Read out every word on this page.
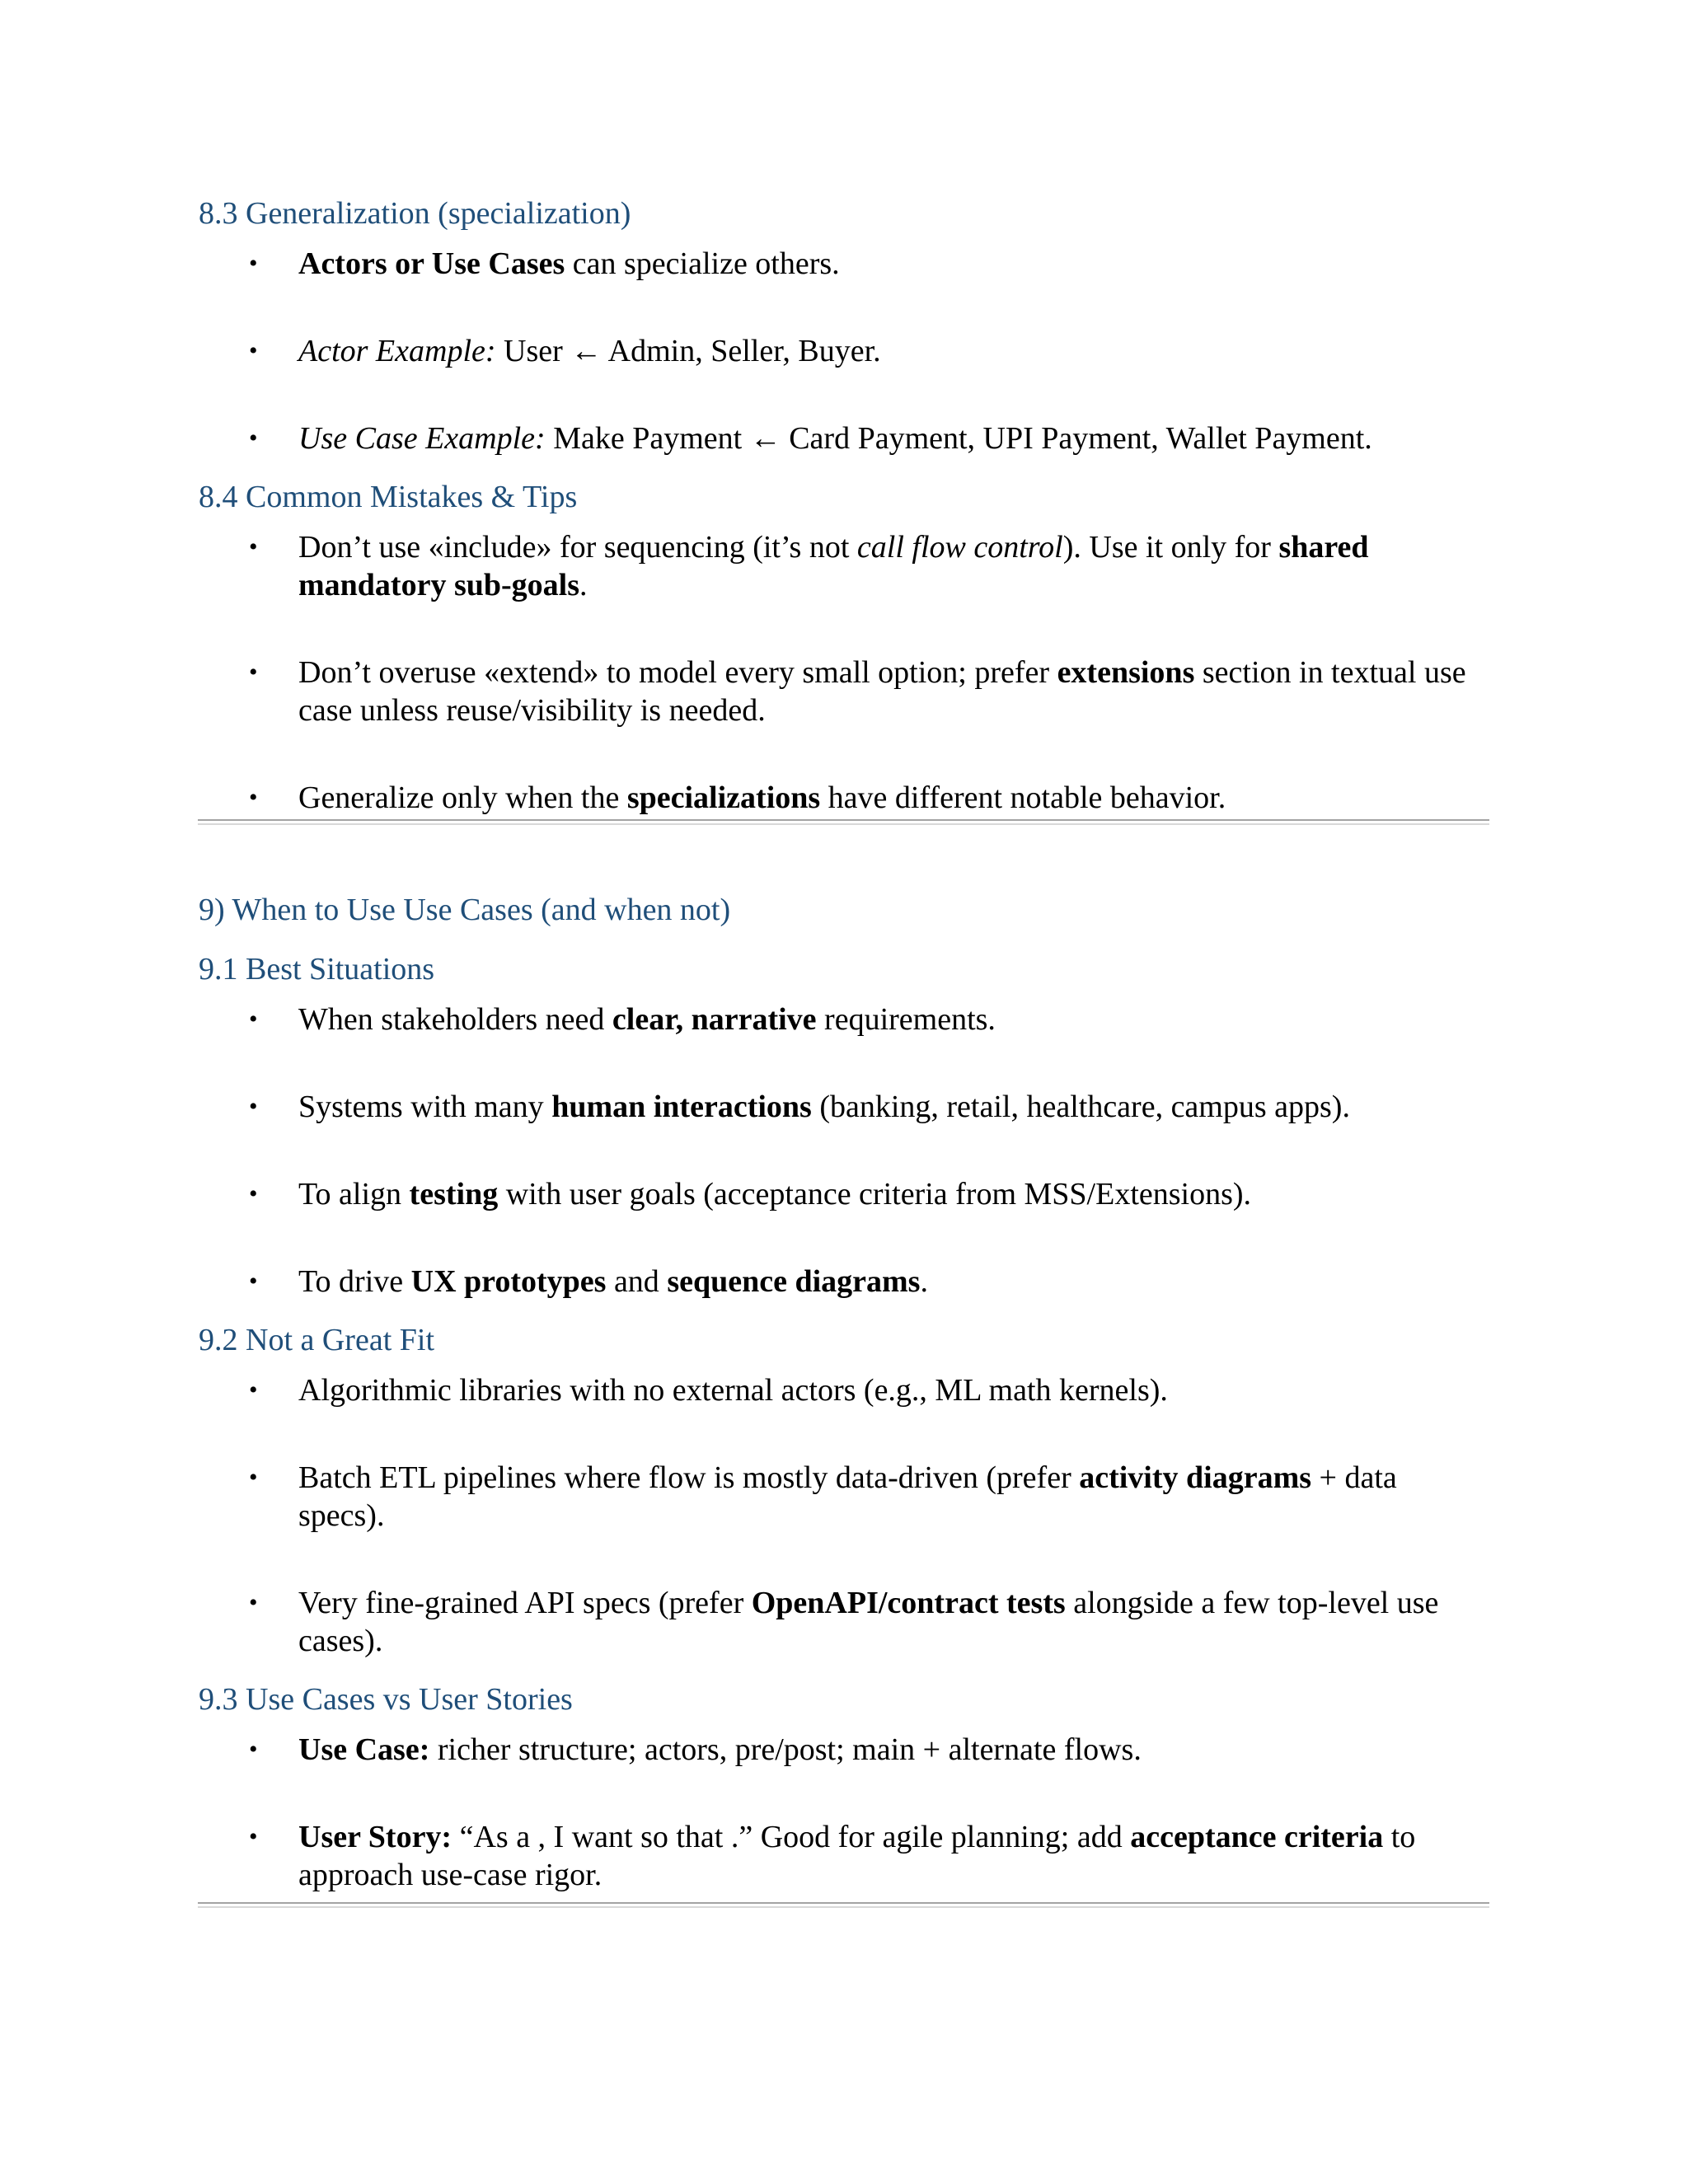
8.3 Generalization (specialization)

• Actors or Use Cases can specialize others.

• Actor Example: User ← Admin, Seller, Buyer.

• Use Case Example: Make Payment ← Card Payment, UPI Payment, Wallet Payment.

8.4 Common Mistakes & Tips

• Don’t use «include» for sequencing (it’s not call flow control). Use it only for shared mandatory sub-goals.

• Don’t overuse «extend» to model every small option; prefer extensions section in textual use case unless reuse/visibility is needed.

• Generalize only when the specializations have different notable behavior.

9) When to Use Use Cases (and when not)
9.1 Best Situations

• When stakeholders need clear, narrative requirements.

• Systems with many human interactions (banking, retail, healthcare, campus apps).

• To align testing with user goals (acceptance criteria from MSS/Extensions).

• To drive UX prototypes and sequence diagrams.

9.2 Not a Great Fit

• Algorithmic libraries with no external actors (e.g., ML math kernels).

• Batch ETL pipelines where flow is mostly data-driven (prefer activity diagrams + data specs).

• Very fine-grained API specs (prefer OpenAPI/contract tests alongside a few top-level use cases).

9.3 Use Cases vs User Stories

• Use Case: richer structure; actors, pre/post; main + alternate flows.

• User Story: “As a , I want so that .” Good for agile planning; add acceptance criteria to approach use-case rigor.
